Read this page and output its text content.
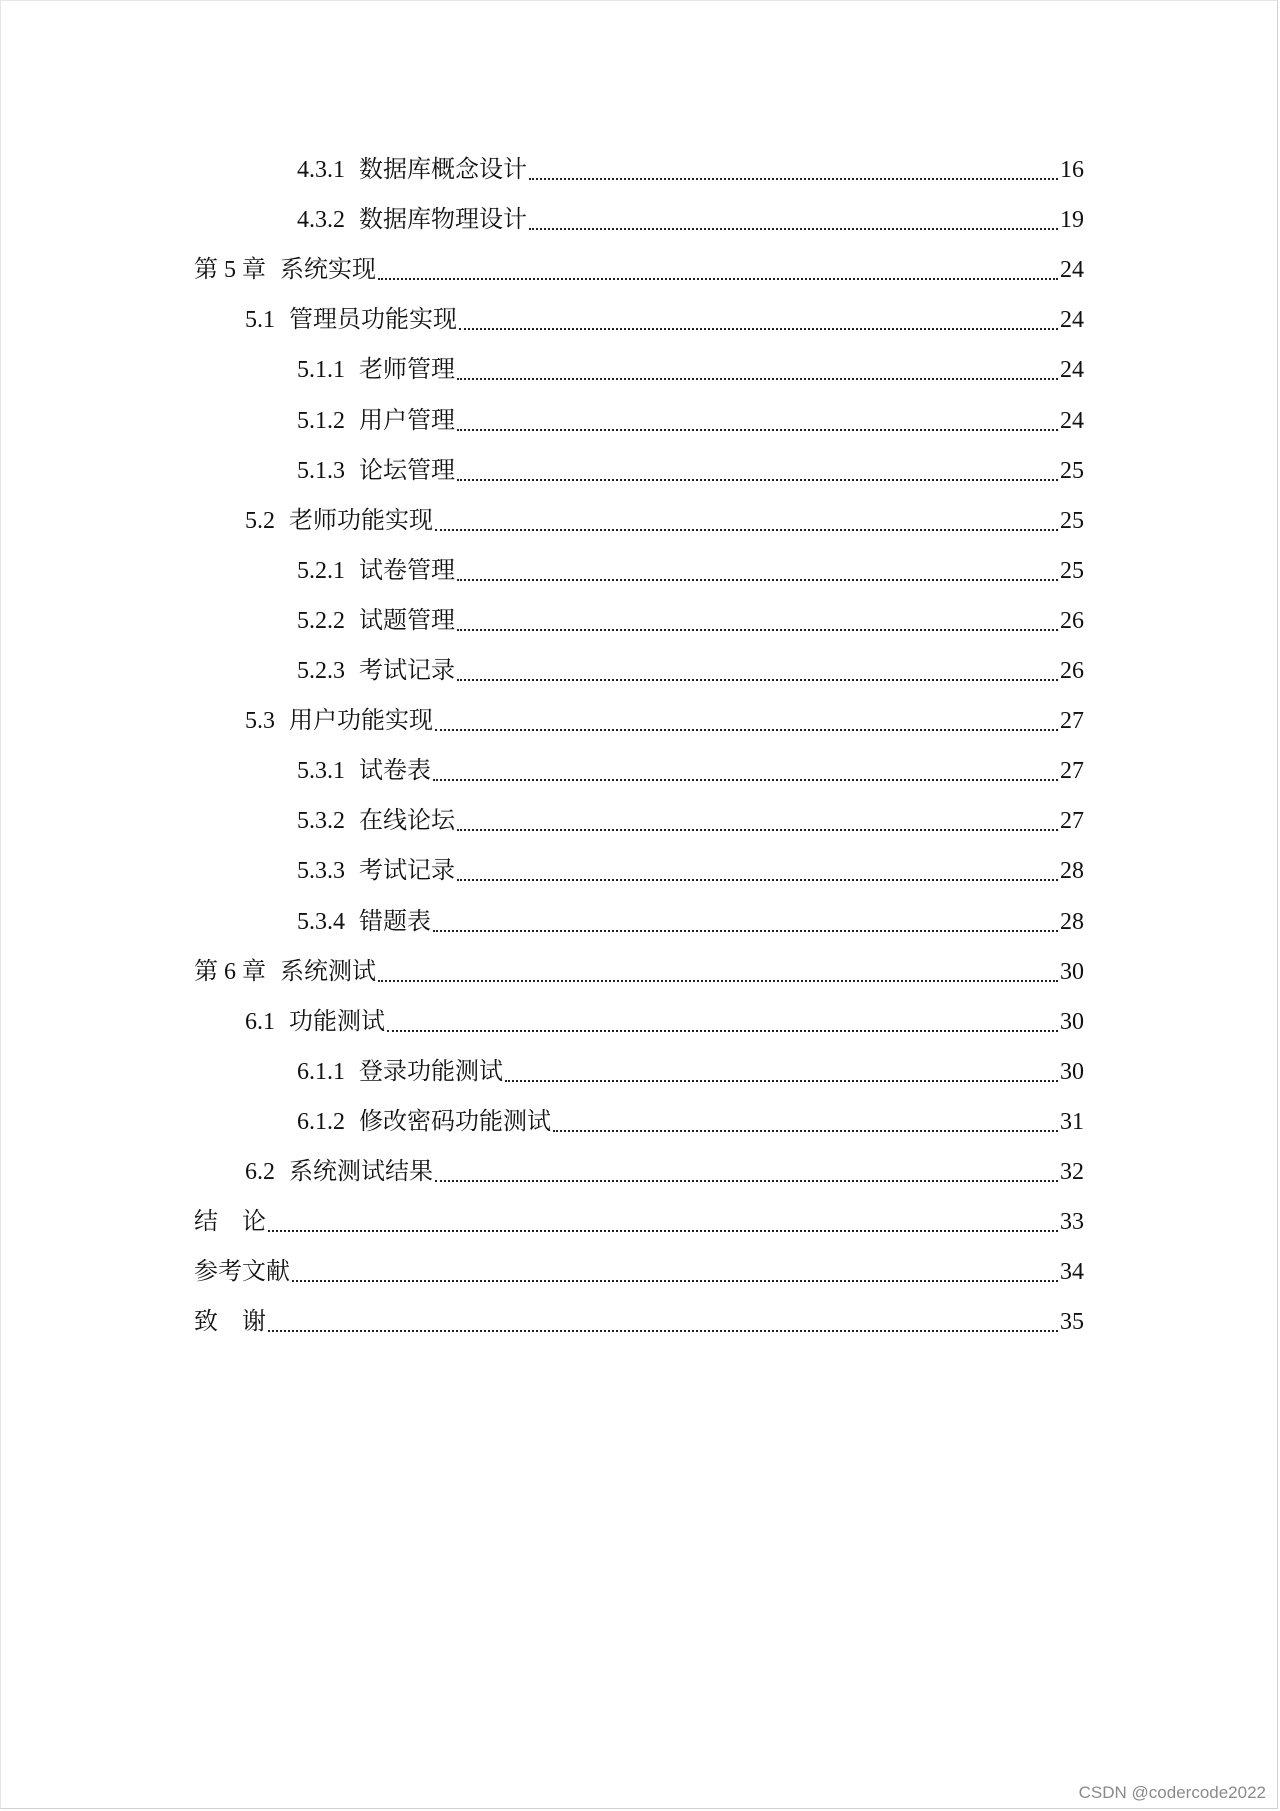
4.3.1 数据库概念设计	16
4.3.2 数据库物理设计	19
第 5 章 系统实现	24
5.1 管理员功能实现	24
5.1.1 老师管理	24
5.1.2 用户管理	24
5.1.3 论坛管理	25
5.2 老师功能实现	25
5.2.1 试卷管理	25
5.2.2 试题管理	26
5.2.3 考试记录	26
5.3 用户功能实现	27
5.3.1 试卷表	27
5.3.2 在线论坛	27
5.3.3 考试记录	28
5.3.4 错题表	28
第 6 章 系统测试	30
6.1 功能测试	30
6.1.1 登录功能测试	30
6.1.2 修改密码功能测试	31
6.2 系统测试结果	32
结    论	33
参考文献	34
致    谢	35
CSDN @codercode2022
